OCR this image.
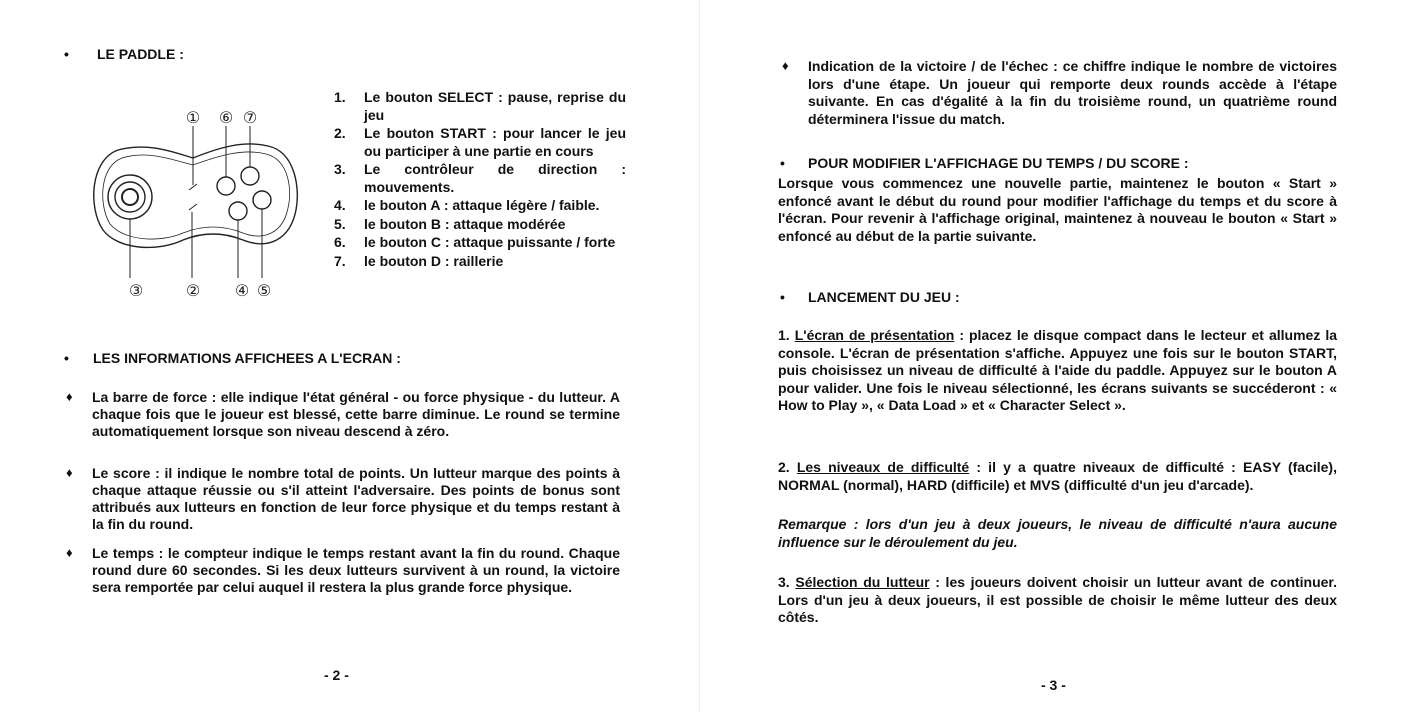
• LE PADDLE :
① ⑥ ⑦
③	② ④ ⑤
1. Le bouton SELECT : pause, reprise du jeu
2. Le bouton START : pour lancer le jeu ou participer à une partie en cours
3. Le contrôleur de direction : mouvements.
4. le bouton A : attaque légère / faible.
5. le bouton B : attaque modérée
6. le bouton C : attaque puissante / forte
7. le bouton D : raillerie
• LES INFORMATIONS AFFICHEES A L'ECRAN :
♦ La barre de force : elle indique l'état général - ou force physique - du lutteur. A chaque fois que le joueur est blessé, cette barre diminue. Le round se termine automatiquement lorsque son niveau descend à zéro.
♦ Le score : il indique le nombre total de points. Un lutteur marque des points à chaque attaque réussie ou s'il atteint l'adversaire. Des points de bonus sont attribués aux lutteurs en fonction de leur force physique et du temps restant à la fin du round.
♦ Le temps : le compteur indique le temps restant avant la fin du round. Chaque round dure 60 secondes. Si les deux lutteurs survivent à un round, la victoire sera remportée par celui auquel il restera la plus grande force physique.
- 2 -
♦ Indication de la victoire / de l'échec : ce chiffre indique le nombre de victoires lors d'une étape. Un joueur qui remporte deux rounds accède à l'étape suivante. En cas d'égalité à la fin du troisième round, un quatrième round déterminera l'issue du match.
• POUR MODIFIER L'AFFICHAGE DU TEMPS / DU SCORE :
Lorsque vous commencez une nouvelle partie, maintenez le bouton « Start » enfoncé avant le début du round pour modifier l'affichage du temps et du score à l'écran. Pour revenir à l'affichage original, maintenez à nouveau le bouton « Start » enfoncé au début de la partie suivante.
• LANCEMENT DU JEU :
1. L'écran de présentation : placez le disque compact dans le lecteur et allumez la console. L'écran de présentation s'affiche. Appuyez une fois sur le bouton START, puis choisissez un niveau de difficulté à l'aide du paddle. Appuyez sur le bouton A pour valider. Une fois le niveau sélectionné, les écrans suivants se succéderont : « How to Play », « Data Load » et « Character Select ».
2. Les niveaux de difficulté : il y a quatre niveaux de difficulté : EASY (facile), NORMAL (normal), HARD (difficile) et MVS (difficulté d'un jeu d'arcade).
Remarque : lors d'un jeu à deux joueurs, le niveau de difficulté n'aura aucune influence sur le déroulement du jeu.
3. Sélection du lutteur : les joueurs doivent choisir un lutteur avant de continuer. Lors d'un jeu à deux joueurs, il est possible de choisir le même lutteur des deux côtés.
- 3 -
